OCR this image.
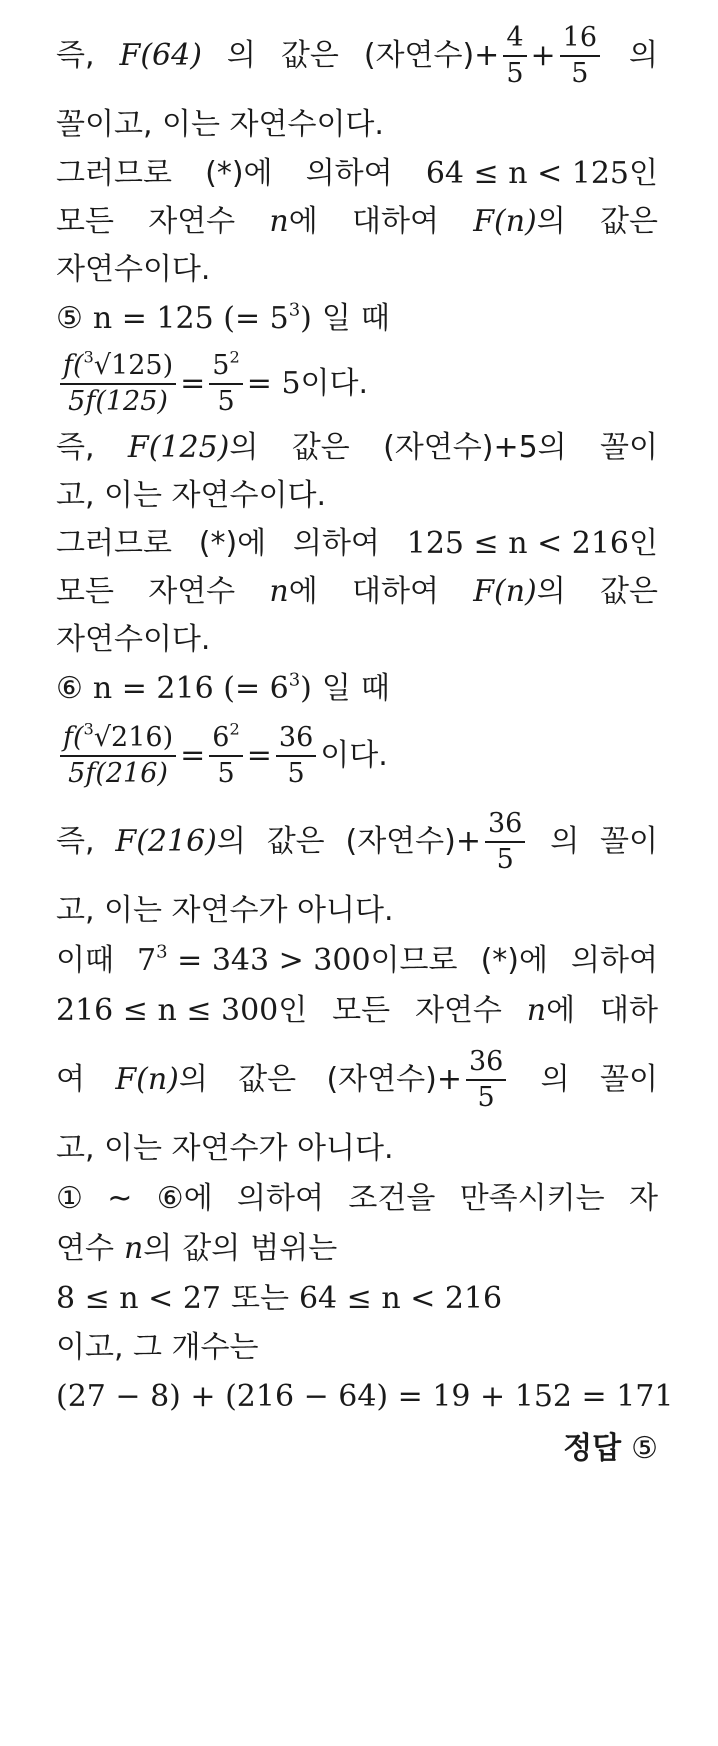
즉, F(64) 의 값은 (자연수)+ $\frac{4}{5} + \frac{16}{5}$ 의
꼴이고, 이는 자연수이다.
그러므로 (*)에 의하여 64 ≤ n < 125 인
모든 자연수 n 에 대하여 F(n) 의 값은
자연수이다.
⑤ n = 125 (= $5^3$) 일 때
$\frac{f(^3√125)}{5f(125)} = \frac{5^2}{5} = 5$ 이다.
즉, F(125) 의 값은 (자연수)+5 의 꼴이
고, 이는 자연수이다.
그러므로 (*)에 의하여 125 ≤ n < 216 인
모든 자연수 n 에 대하여 F(n) 의 값은
자연수이다.
⑥ n = 216 (= $6^3$) 일 때
$\frac{f(^3√216)}{5f(216)} = \frac{6^2}{5} = \frac{36}{5}$ 이다.
즉, F(216) 의 값은 (자연수)+ $\frac{36}{5}$ 의 꼴이
고, 이는 자연수가 아니다.
이때 $7^3 = 343 > 300$ 이므로 (*)에 의하여
216 ≤ n ≤ 300 인 모든 자연수 n 에 대하
여 F(n) 의 값은 (자연수)+ $\frac{36}{5}$ 의 꼴이
고, 이는 자연수가 아니다.
① ~ ⑥에 의하여 조건을 만족시키는 자
연수 n 의 값의 범위는
8 ≤ n < 27 또는 64 ≤ n < 216
이고, 그 개수는
(27 − 8) + (216 − 64) = 19 + 152 = 171
정답 ⑤
